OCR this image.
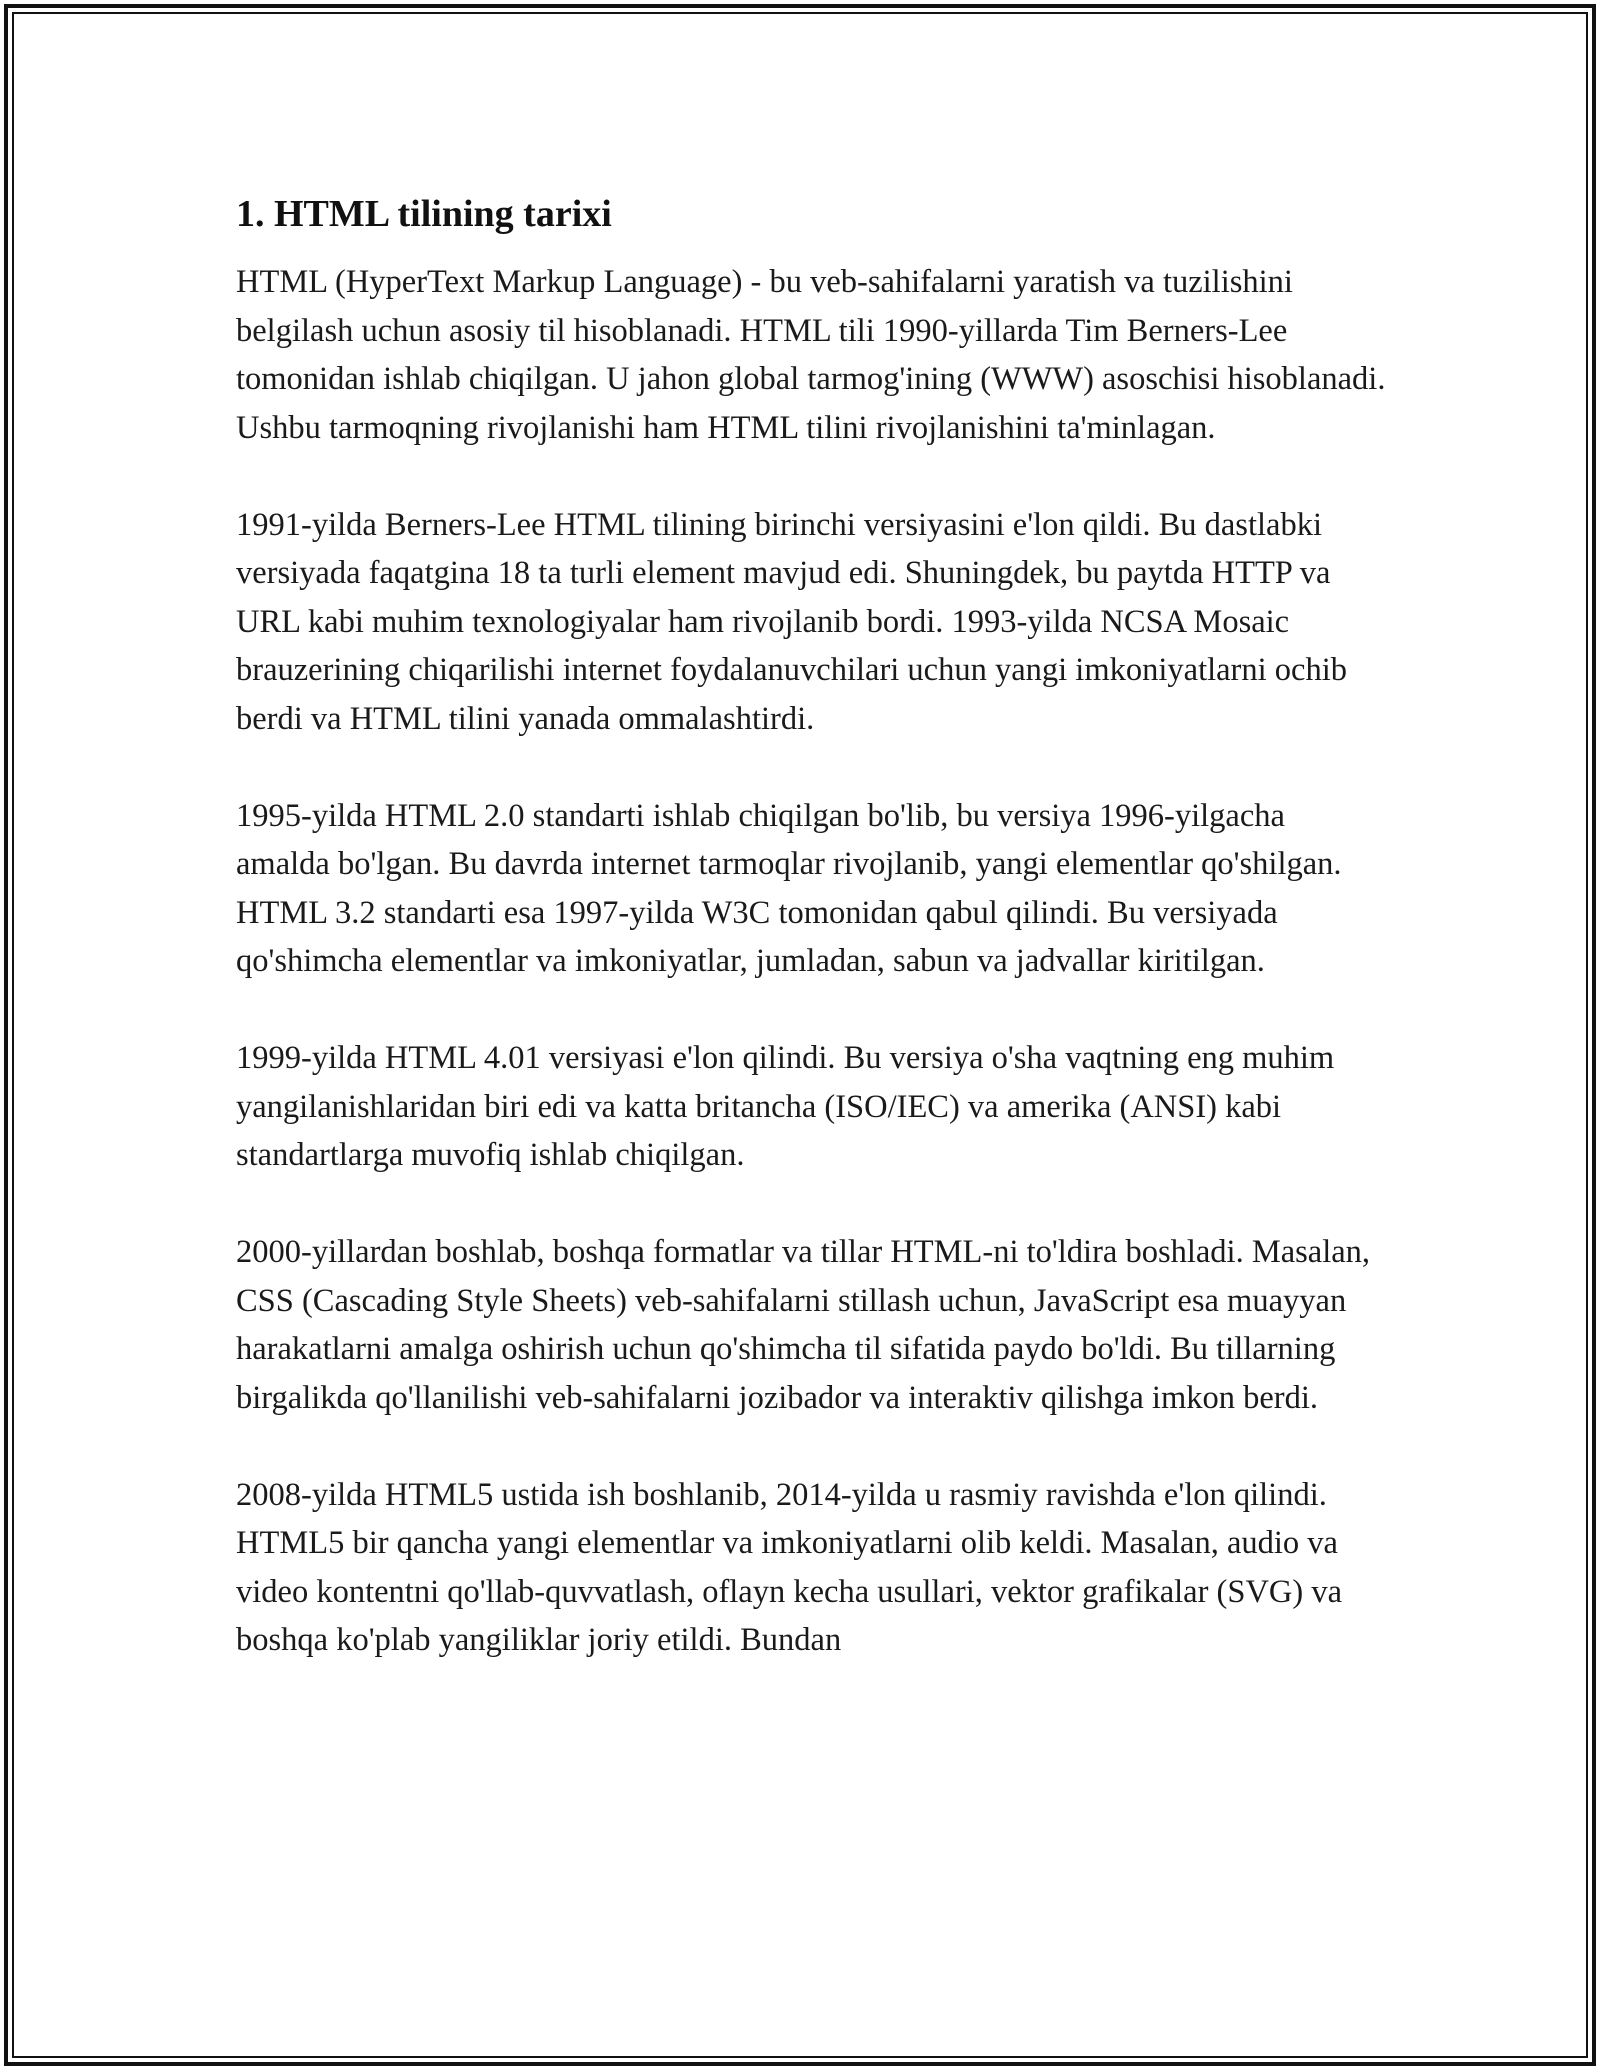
1. HTML tilining tarixi

HTML (HyperText Markup Language) - bu veb-sahifalarni yaratish va tuzilishini belgilash uchun asosiy til hisoblanadi. HTML tili 1990-yillarda Tim Berners-Lee tomonidan ishlab chiqilgan. U jahon global tarmog'ining (WWW) asoschisi hisoblanadi. Ushbu tarmoqning rivojlanishi ham HTML tilini rivojlanishini ta'minlagan.

1991-yilda Berners-Lee HTML tilining birinchi versiyasini e'lon qildi. Bu dastlabki versiyada faqatgina 18 ta turli element mavjud edi. Shuningdek, bu paytda HTTP va URL kabi muhim texnologiyalar ham rivojlanib bordi. 1993-yilda NCSA Mosaic brauzerining chiqarilishi internet foydalanuvchilari uchun yangi imkoniyatlarni ochib berdi va HTML tilini yanada ommalashtirdi.

1995-yilda HTML 2.0 standarti ishlab chiqilgan bo'lib, bu versiya 1996-yilgacha amalda bo'lgan. Bu davrda internet tarmoqlar rivojlanib, yangi elementlar qo'shilgan. HTML 3.2 standarti esa 1997-yilda W3C tomonidan qabul qilindi. Bu versiyada qo'shimcha elementlar va imkoniyatlar, jumladan, sabun va jadvallar kiritilgan.

1999-yilda HTML 4.01 versiyasi e'lon qilindi. Bu versiya o'sha vaqtning eng muhim yangilanishlaridan biri edi va katta britancha (ISO/IEC) va amerika (ANSI) kabi standartlarga muvofiq ishlab chiqilgan.

2000-yillardan boshlab, boshqa formatlar va tillar HTML-ni to'ldira boshladi. Masalan, CSS (Cascading Style Sheets) veb-sahifalarni stillash uchun, JavaScript esa muayyan harakatlarni amalga oshirish uchun qo'shimcha til sifatida paydo bo'ldi. Bu tillarning birgalikda qo'llanilishi veb-sahifalarni jozibador va interaktiv qilishga imkon berdi.

2008-yilda HTML5 ustida ish boshlanib, 2014-yilda u rasmiy ravishda e'lon qilindi. HTML5 bir qancha yangi elementlar va imkoniyatlarni olib keldi. Masalan, audio va video kontentni qo'llab-quvvatlash, oflayn kecha usullari, vektor grafikalar (SVG) va boshqa ko'plab yangiliklar joriy etildi. Bundan
